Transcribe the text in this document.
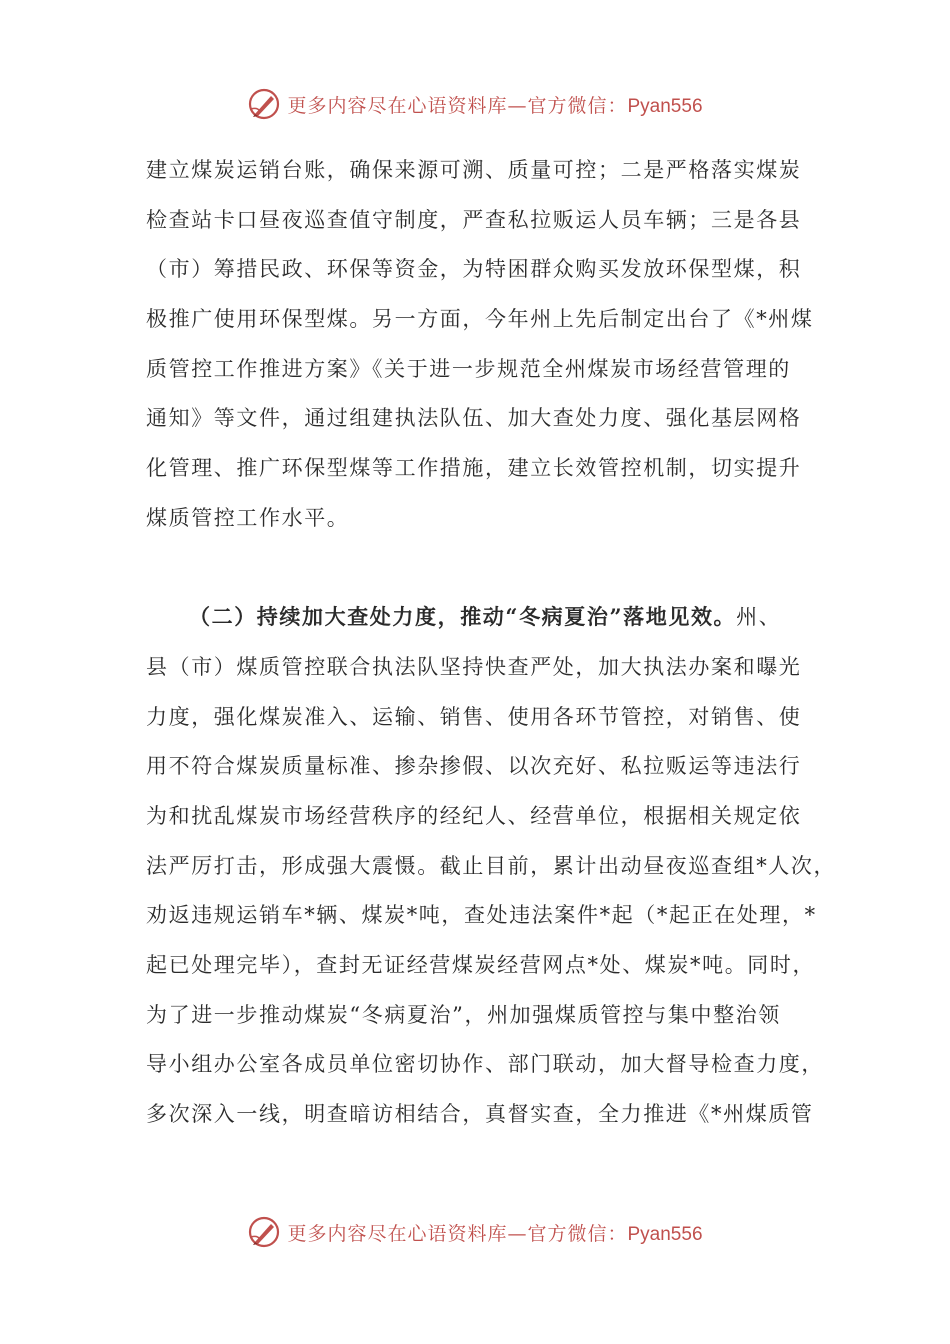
更多内容尽在心语资料库—官方微信：Pyan556
建立煤炭运销台账，确保来源可溯、质量可控；二是严格落实煤炭
检查站卡口昼夜巡查值守制度，严查私拉贩运人员车辆；三是各县
（市）筹措民政、环保等资金，为特困群众购买发放环保型煤，积
极推广使用环保型煤。另一方面，今年州上先后制定出台了《*州煤
质管控工作推进方案》《关于进一步规范全州煤炭市场经营管理的
通知》等文件，通过组建执法队伍、加大查处力度、强化基层网格
化管理、推广环保型煤等工作措施，建立长效管控机制，切实提升
煤质管控工作水平。
（二）持续加大查处力度，推动“冬病夏治”落地见效。州、
县（市）煤质管控联合执法队坚持快查严处，加大执法办案和曝光
力度，强化煤炭准入、运输、销售、使用各环节管控，对销售、使
用不符合煤炭质量标准、掺杂掺假、以次充好、私拉贩运等违法行
为和扰乱煤炭市场经营秩序的经纪人、经营单位，根据相关规定依
法严厉打击，形成强大震慑。截止目前，累计出动昼夜巡查组*人次，
劝返违规运销车*辆、煤炭*吨，查处违法案件*起（*起正在处理，*
起已处理完毕），查封无证经营煤炭经营网点*处、煤炭*吨。同时，
为了进一步推动煤炭“冬病夏治”，州加强煤质管控与集中整治领
导小组办公室各成员单位密切协作、部门联动，加大督导检查力度，
多次深入一线，明查暗访相结合，真督实查，全力推进《*州煤质管
更多内容尽在心语资料库—官方微信：Pyan556
